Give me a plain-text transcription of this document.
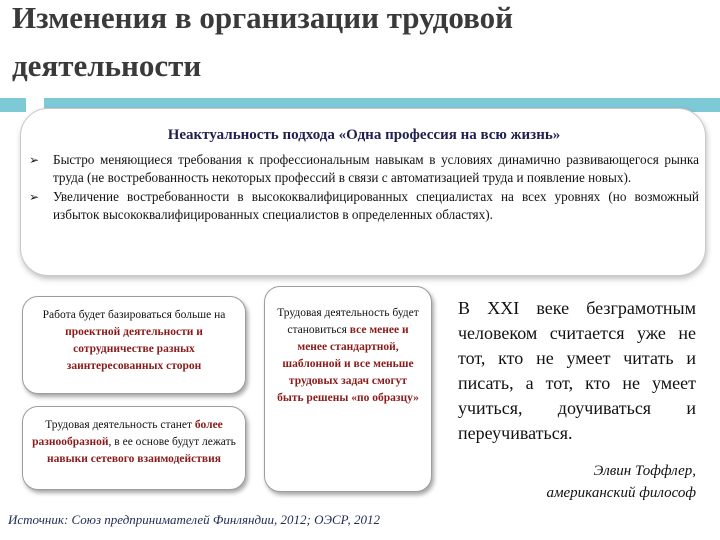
Изменения в организации трудовой
деятельности
Неактуальность подхода «Одна профессия на всю жизнь»
➢ Быстро меняющиеся требования к профессиональным навыкам в условиях динамично развивающегося рынка труда (не востребованность некоторых профессий в связи с автоматизацией труда и появление новых).
➢ Увеличение востребованности в высококвалифицированных специалистах на всех уровнях (но возможный избыток высококвалифицированных специалистов в определенных областях).
Работа будет базироваться больше на проектной деятельности и сотрудничестве разных заинтересованных сторон
Трудовая деятельность станет более разнообразной, в ее основе будут лежать навыки сетевого взаимодействия
Трудовая деятельность будет становиться все менее и менее стандартной, шаблонной и все меньше трудовых задач смогут быть решены «по образцу»
В XXI веке безграмотным человеком считается уже не тот, кто не умеет читать и писать, а тот, кто не умеет учиться, доучиваться и переучиваться.
Элвин Тоффлер,
американский философ
Источник: Союз предпринимателей Финляндии, 2012; ОЭСР, 2012
